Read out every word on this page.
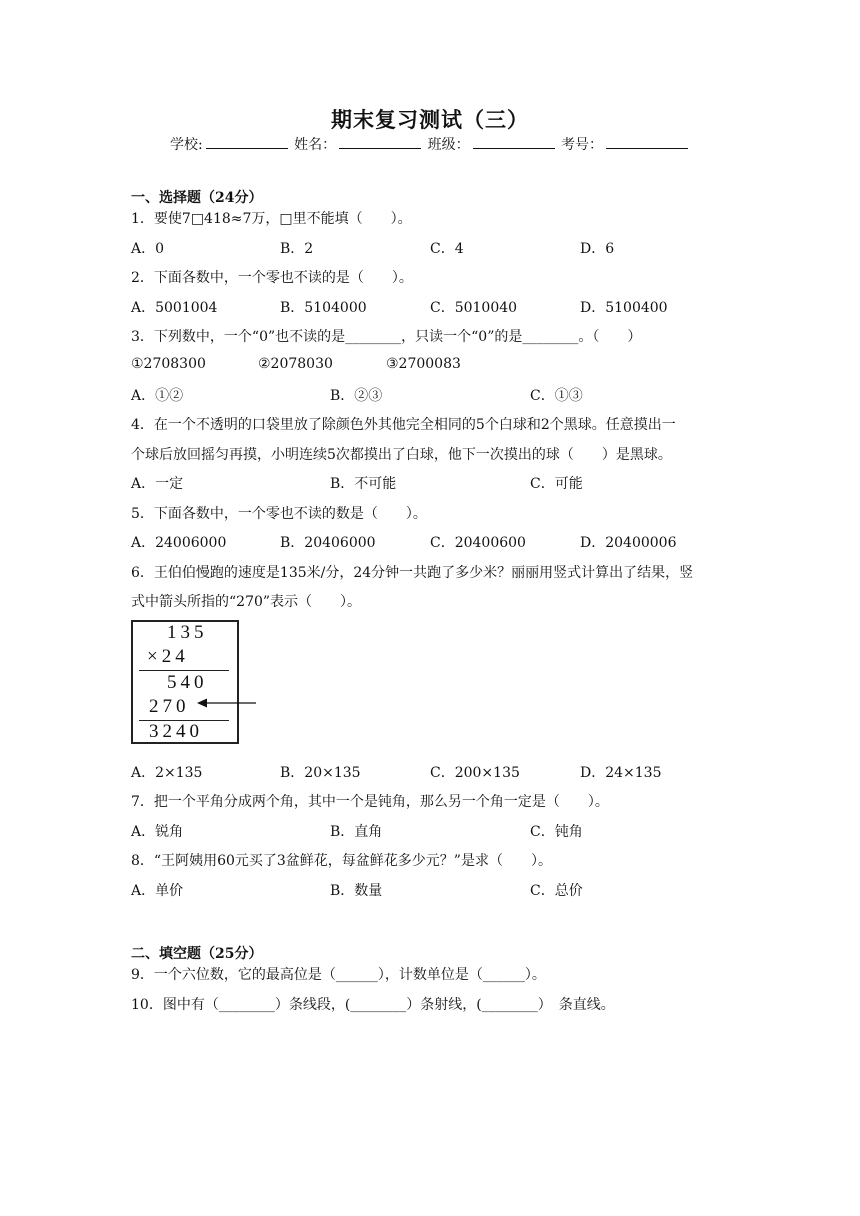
期末复习测试（三）
学校:	姓名：	班级：	考号：
一、选择题（24分）
1．要使7□418≈7万，□里不能填（　　）。
A．0	B．2	C．4	D．6
2．下面各数中，一个零也不读的是（　　）。
A．5001004	B．5104000	C．5010040	D．5100400
3．下列数中，一个“0”也不读的是________，只读一个“0”的是________。（　　）
①2708300	②2078030	③2700083
A．①②	B．②③	C．①③
4．在一个不透明的口袋里放了除颜色外其他完全相同的5个白球和2个黑球。任意摸出一
个球后放回摇匀再摸，小明连续5次都摸出了白球，他下一次摸出的球（　　）是黑球。
A．一定	B．不可能	C．可能
5．下面各数中，一个零也不读的数是（　　）。
A．24006000	B．20406000	C．20400600	D．20400006
6．王伯伯慢跑的速度是135米/分，24分钟一共跑了多少米？丽丽用竖式计算出了结果，竖
式中箭头所指的“270”表示（　　）。
135
×24
540
270
3240
A．2×135	B．20×135	C．200×135	D．24×135
7．把一个平角分成两个角，其中一个是钝角，那么另一个角一定是（　　）。
A．锐角	B．直角	C．钝角
8．“王阿姨用60元买了3盆鲜花，每盆鲜花多少元？”是求（　　）。
A．单价	B．数量	C．总价
二、填空题（25分）
9．一个六位数，它的最高位是（______），计数单位是（______）。
10．图中有（________）条线段，(________）条射线，(________）　条直线。
